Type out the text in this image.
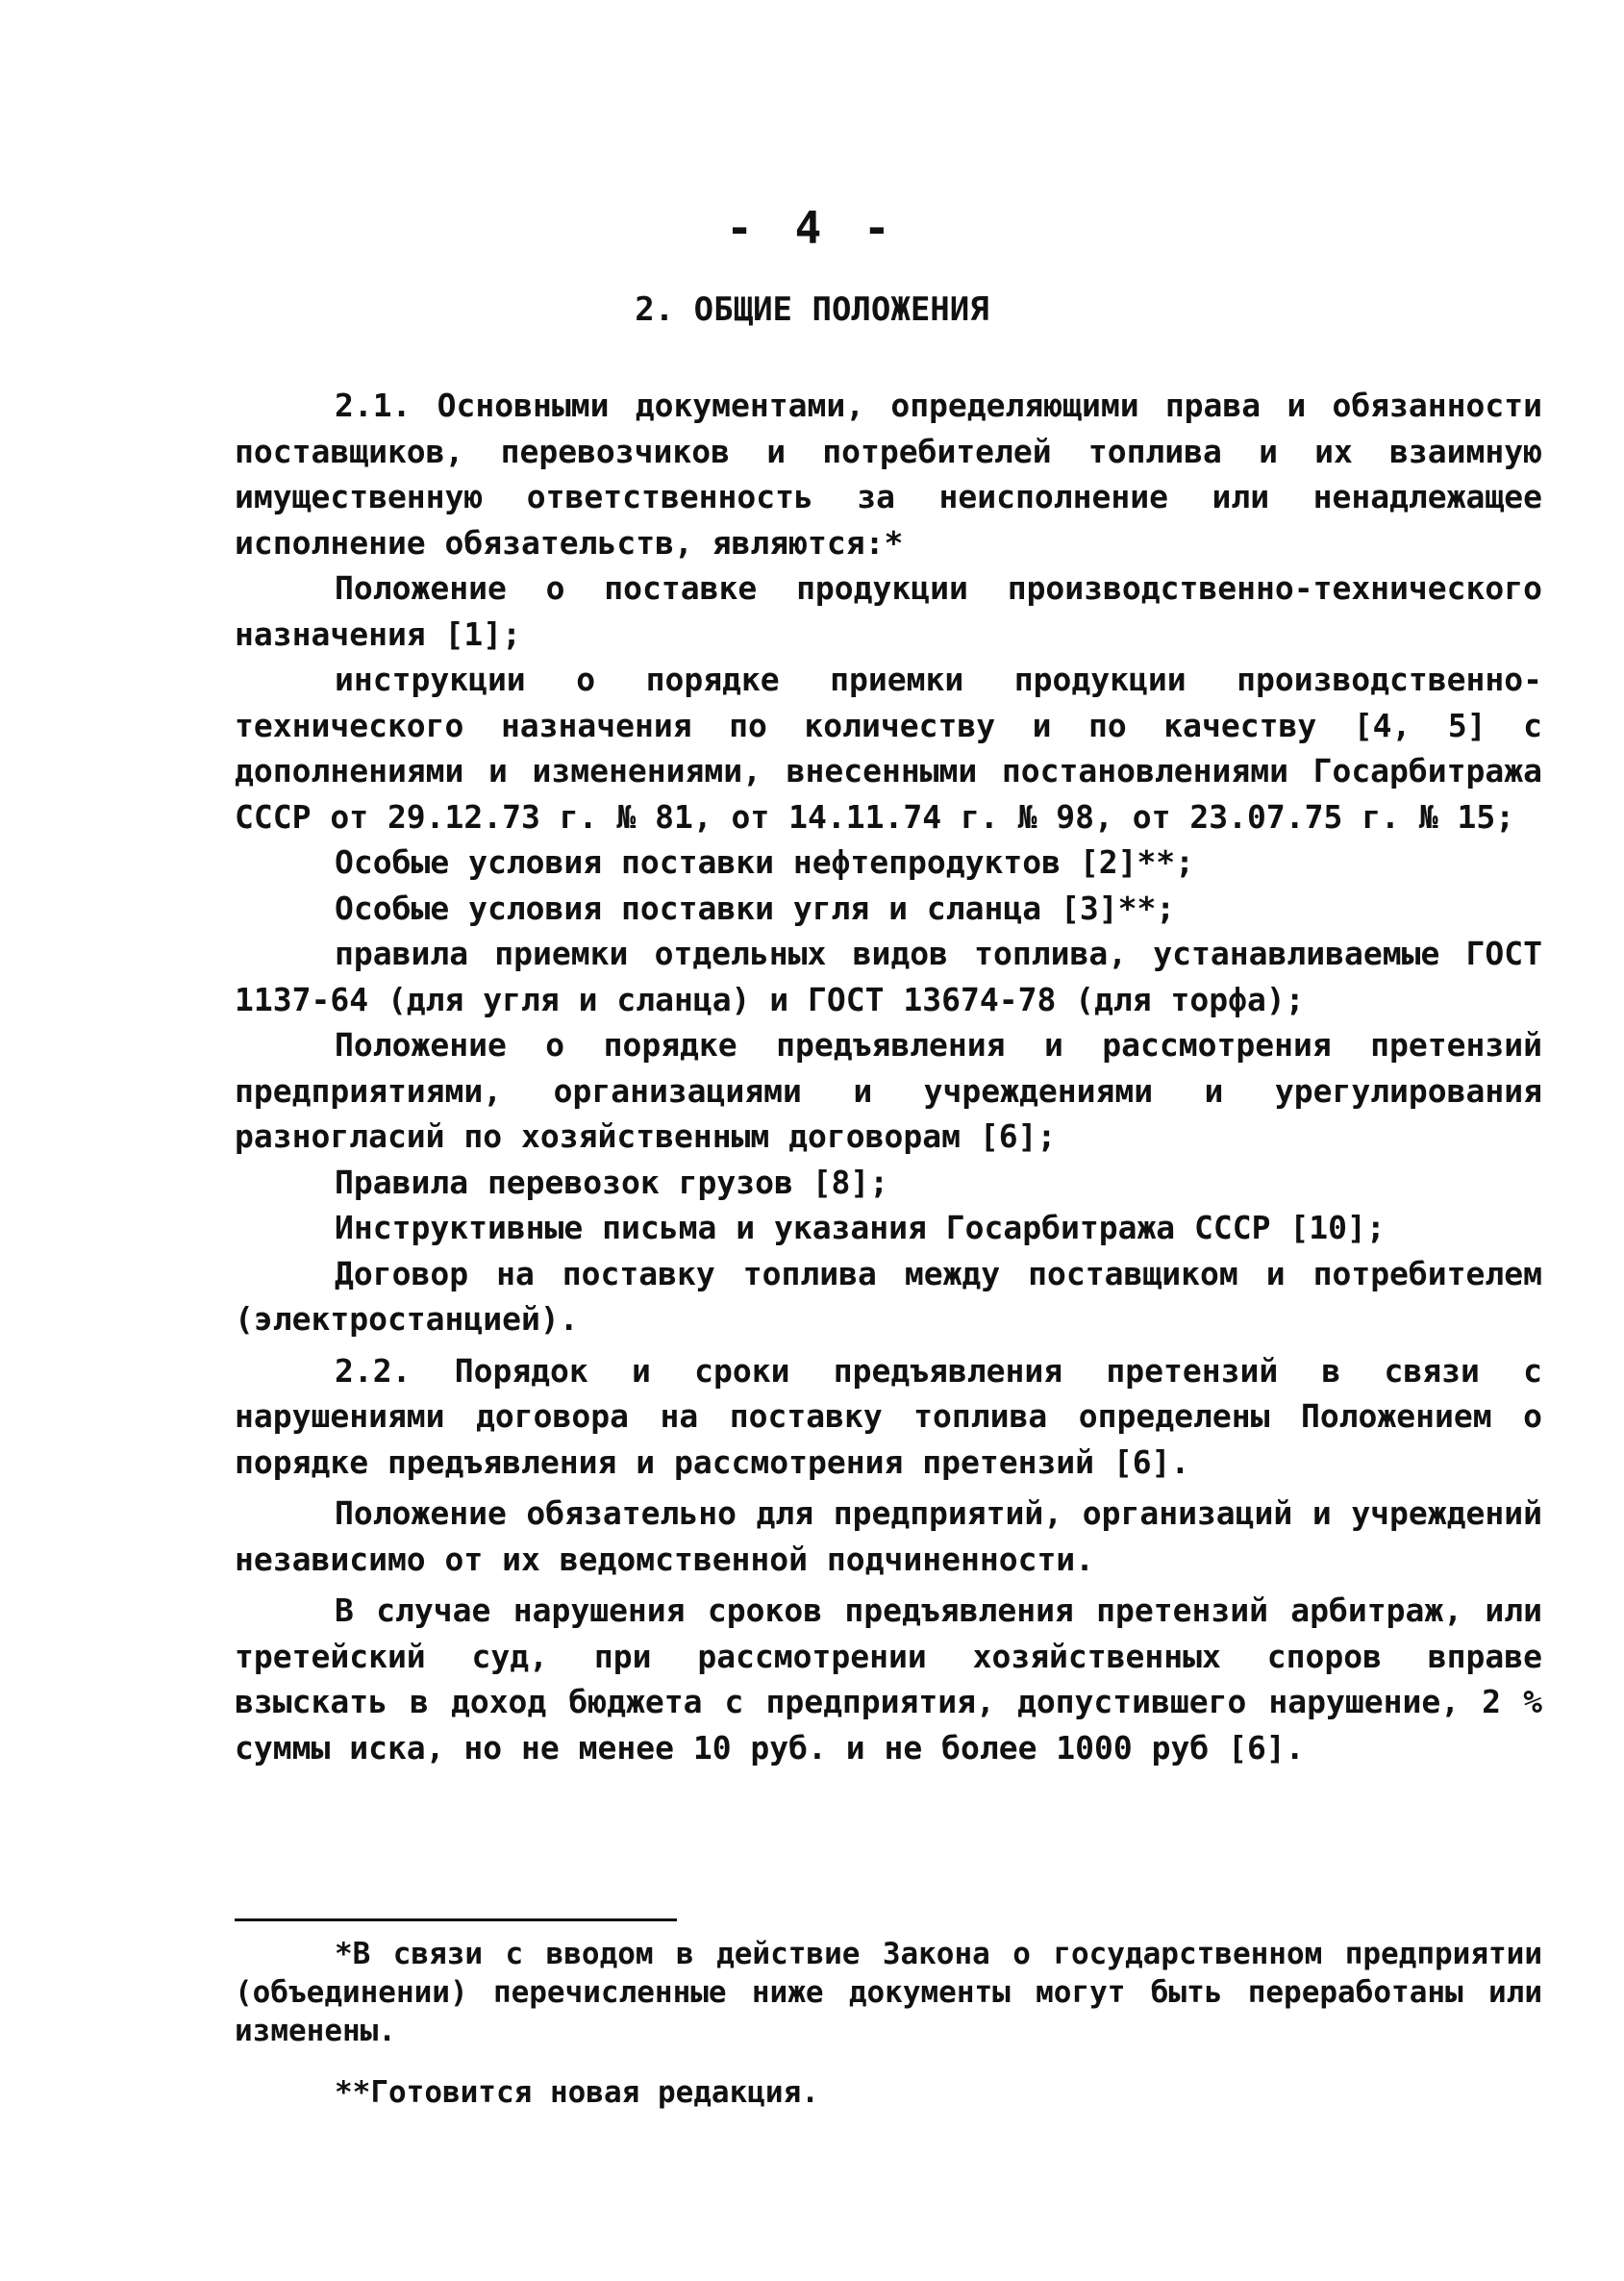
- 4 -
2. ОБЩИЕ ПОЛОЖЕНИЯ

2.1. Основными документами, определяющими права и обязанности поставщиков, перевозчиков и потребителей топлива и их взаимную имущественную ответственность за неисполнение или ненадлежащее исполнение обязательств, являются:*

Положение о поставке продукции производственно-технического назначения [1];

инструкции о порядке приемки продукции производственно-технического назначения по количеству и по качеству [4, 5] с дополнениями и изменениями, внесенными постановлениями Госарбитража СССР от 29.12.73 г. № 81, от 14.11.74 г. № 98, от 23.07.75 г. № 15;

Особые условия поставки нефтепродуктов [2]**;

Особые условия поставки угля и сланца [3]**;

правила приемки отдельных видов топлива, устанавливаемые ГОСТ 1137-64 (для угля и сланца) и ГОСТ 13674-78 (для торфа);

Положение о порядке предъявления и рассмотрения претензий предприятиями, организациями и учреждениями и урегулирования разногласий по хозяйственным договорам [6];

Правила перевозок грузов [8];

Инструктивные письма и указания Госарбитража СССР [10];

Договор на поставку топлива между поставщиком и потребителем (электростанцией).

2.2. Порядок и сроки предъявления претензий в связи с нарушениями договора на поставку топлива определены Положением о порядке предъявления и рассмотрения претензий [6].

Положение обязательно для предприятий, организаций и учреждений независимо от их ведомственной подчиненности.

В случае нарушения сроков предъявления претензий арбитраж, или третейский суд, при рассмотрении хозяйственных споров вправе взыскать в доход бюджета с предприятия, допустившего нарушение, 2 % суммы иска, но не менее 10 руб. и не более 1000 руб [6].

*В связи с вводом в действие Закона о государственном предприятии (объединении) перечисленные ниже документы могут быть переработаны или изменены.

**Готовится новая редакция.
